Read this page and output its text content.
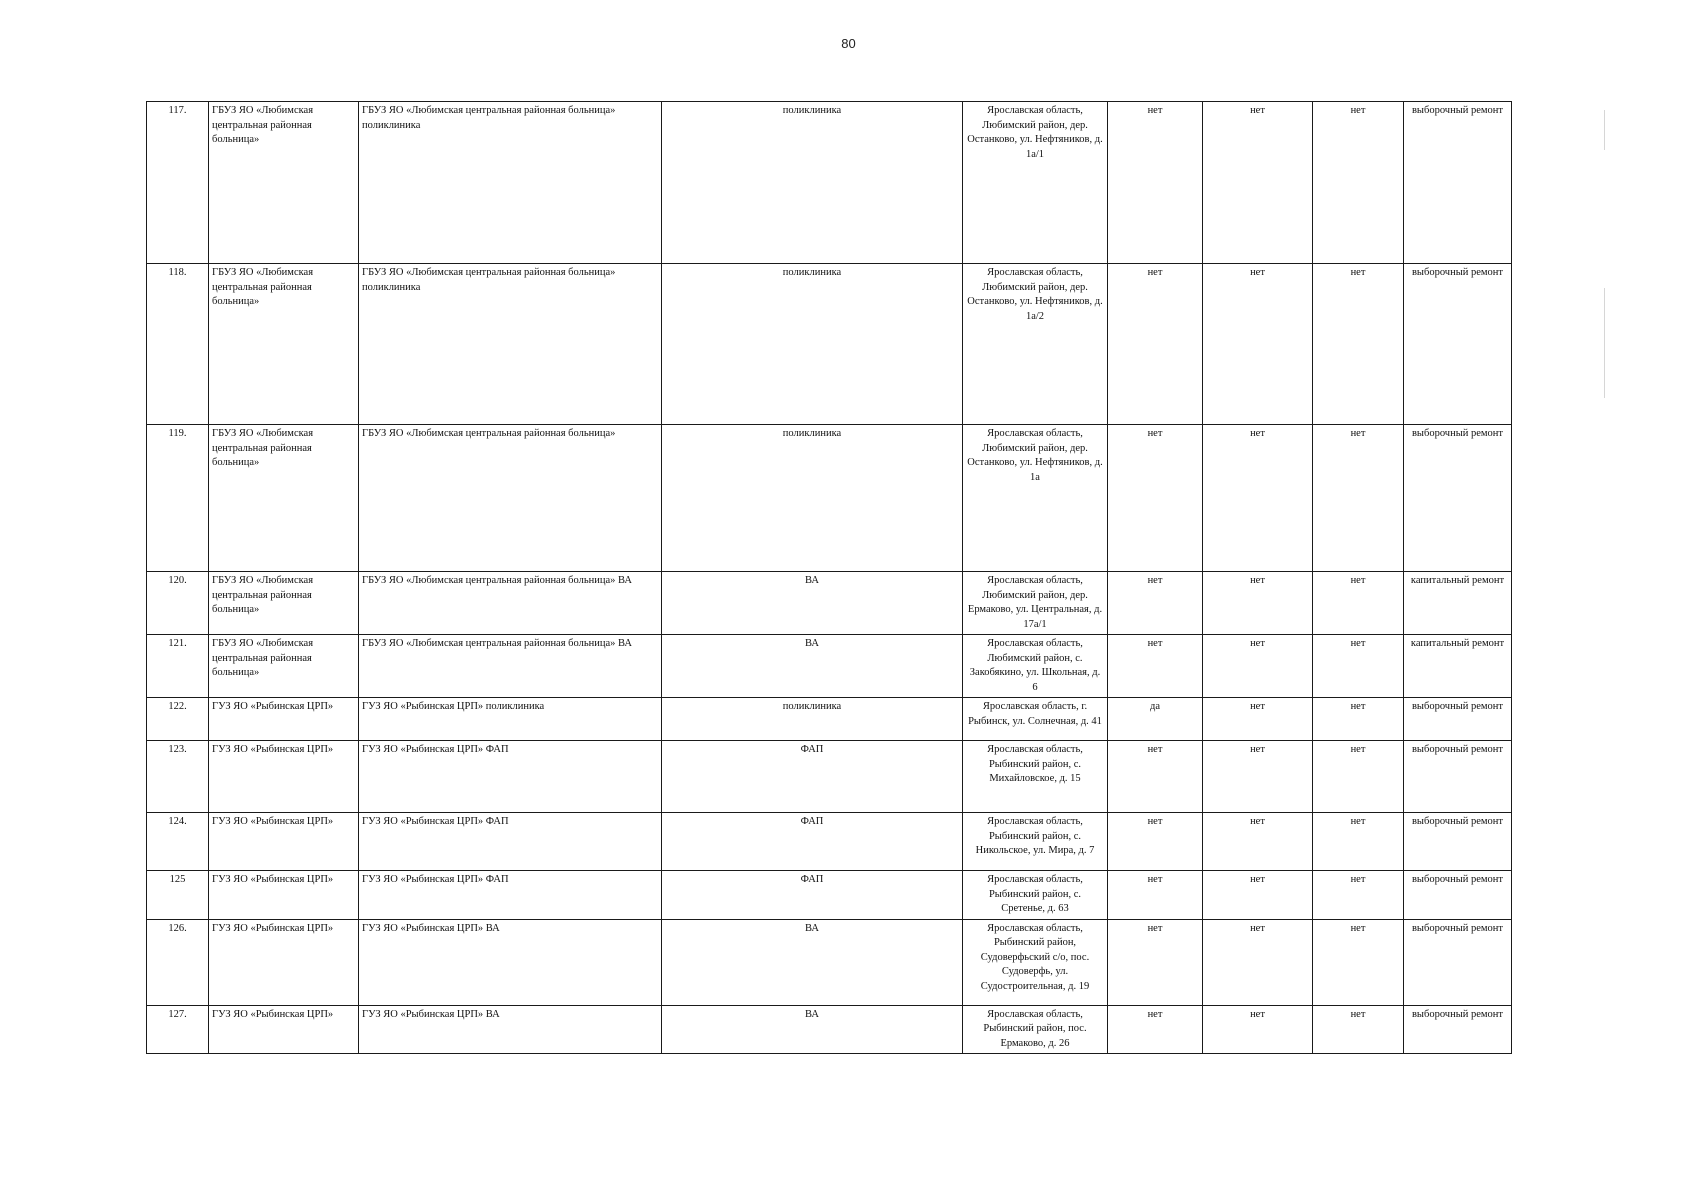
80
117.	ГБУЗ ЯО «Любимская центральная районная больница»	ГБУЗ ЯО «Любимская центральная районная больница» поликлиника	поликлиника	Ярославская область, Любимский район, дер. Останково, ул. Нефтяников, д. 1а/1	нет	нет	нет	выборочный ремонт
118.	ГБУЗ ЯО «Любимская центральная районная больница»	ГБУЗ ЯО «Любимская центральная районная больница» поликлиника	поликлиника	Ярославская область, Любимский район, дер. Останково, ул. Нефтяников, д. 1а/2	нет	нет	нет	выборочный ремонт
119.	ГБУЗ ЯО «Любимская центральная районная больница»	ГБУЗ ЯО «Любимская центральная районная больница»	поликлиника	Ярославская область, Любимский район, дер. Останково, ул. Нефтяников, д. 1а	нет	нет	нет	выборочный ремонт
120.	ГБУЗ ЯО «Любимская центральная районная больница»	ГБУЗ ЯО «Любимская центральная районная больница» ВА	ВА	Ярославская область, Любимский район, дер. Ермаково, ул. Центральная, д. 17а/1	нет	нет	нет	капитальный ремонт
121.	ГБУЗ ЯО «Любимская центральная районная больница»	ГБУЗ ЯО «Любимская центральная районная больница» ВА	ВА	Ярославская область, Любимский район, с. Закобякино, ул. Школьная, д. 6	нет	нет	нет	капитальный ремонт
122.	ГУЗ ЯО «Рыбинская ЦРП»	ГУЗ ЯО «Рыбинская ЦРП» поликлиника	поликлиника	Ярославская область, г. Рыбинск, ул. Солнечная, д. 41	да	нет	нет	выборочный ремонт
123.	ГУЗ ЯО «Рыбинская ЦРП»	ГУЗ ЯО «Рыбинская ЦРП» ФАП	ФАП	Ярославская область, Рыбинский район, с. Михайловское, д. 15	нет	нет	нет	выборочный ремонт
124.	ГУЗ ЯО «Рыбинская ЦРП»	ГУЗ ЯО «Рыбинская ЦРП» ФАП	ФАП	Ярославская область, Рыбинский район, с. Никольское, ул. Мира, д. 7	нет	нет	нет	выборочный ремонт
125	ГУЗ ЯО «Рыбинская ЦРП»	ГУЗ ЯО «Рыбинская ЦРП» ФАП	ФАП	Ярославская область, Рыбинский район, с. Сретенье, д. 63	нет	нет	нет	выборочный ремонт
126.	ГУЗ ЯО «Рыбинская ЦРП»	ГУЗ ЯО «Рыбинская ЦРП» ВА	ВА	Ярославская область, Рыбинский район, Судоверфьский с/о, пос. Судоверфь, ул. Судостроительная, д. 19	нет	нет	нет	выборочный ремонт
127.	ГУЗ ЯО «Рыбинская ЦРП»	ГУЗ ЯО «Рыбинская ЦРП» ВА	ВА	Ярославская область, Рыбинский район, пос. Ермаково, д. 26	нет	нет	нет	выборочный ремонт
